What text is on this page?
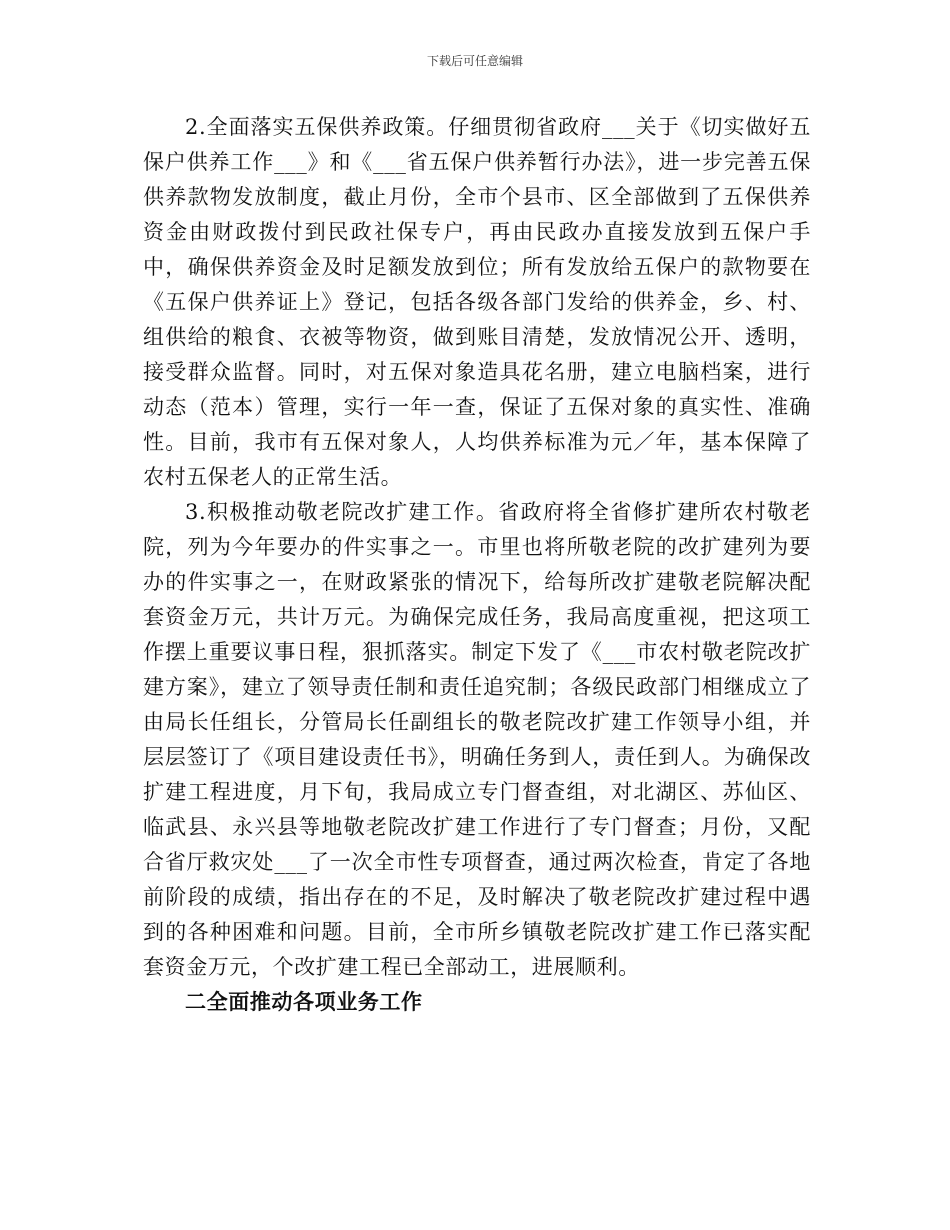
下载后可任意编辑

2.全面落实五保供养政策。仔细贯彻省政府___关于《切实做好五保户供养工作___》和《___省五保户供养暂行办法》，进一步完善五保供养款物发放制度，截止月份，全市个县市、区全部做到了五保供养资金由财政拨付到民政社保专户，再由民政办直接发放到五保户手中，确保供养资金及时足额发放到位；所有发放给五保户的款物要在《五保户供养证上》登记，包括各级各部门发给的供养金，乡、村、组供给的粮食、衣被等物资，做到账目清楚，发放情况公开、透明，接受群众监督。同时，对五保对象造具花名册，建立电脑档案，进行动态（范本）管理，实行一年一查，保证了五保对象的真实性、准确性。目前，我市有五保对象人，人均供养标准为元／年，基本保障了农村五保老人的正常生活。

3.积极推动敬老院改扩建工作。省政府将全省修扩建所农村敬老院，列为今年要办的件实事之一。市里也将所敬老院的改扩建列为要办的件实事之一，在财政紧张的情况下，给每所改扩建敬老院解决配套资金万元，共计万元。为确保完成任务，我局高度重视，把这项工作摆上重要议事日程，狠抓落实。制定下发了《___市农村敬老院改扩建方案》，建立了领导责任制和责任追究制；各级民政部门相继成立了由局长任组长，分管局长任副组长的敬老院改扩建工作领导小组，并层层签订了《项目建设责任书》，明确任务到人，责任到人。为确保改扩建工程进度，月下旬，我局成立专门督查组，对北湖区、苏仙区、临武县、永兴县等地敬老院改扩建工作进行了专门督查；月份，又配合省厅救灾处___了一次全市性专项督查，通过两次检查，肯定了各地前阶段的成绩，指出存在的不足，及时解决了敬老院改扩建过程中遇到的各种困难和问题。目前，全市所乡镇敬老院改扩建工作已落实配套资金万元，个改扩建工程已全部动工，进展顺利。

二全面推动各项业务工作
